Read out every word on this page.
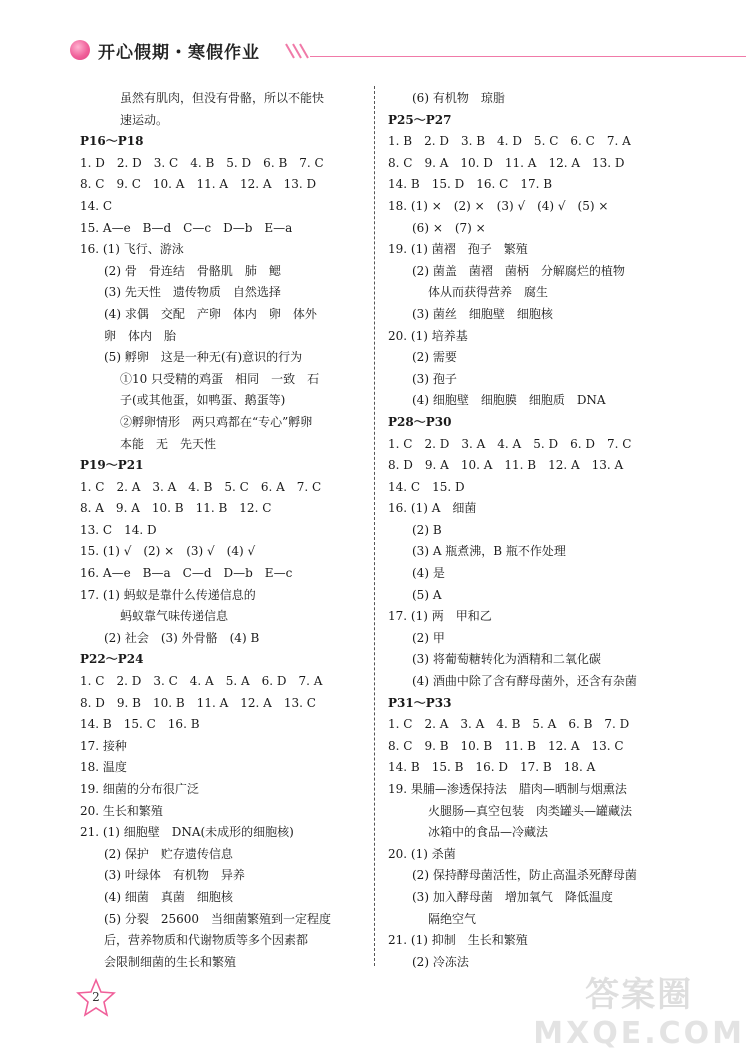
开心假期・寒假作业
虽然有肌肉，但没有骨骼，所以不能快
速运动。
P16～P18
1. D　2. D　3. C　4. B　5. D　6. B　7. C
8. C　9. C　10. A　11. A　12. A　13. D
14. C
15. A—e　B—d　C—c　D—b　E—a
16. (1) 飞行、游泳
(2) 骨　骨连结　骨骼肌　肺　鳃
(3) 先天性　遗传物质　自然选择
(4) 求偶　交配　产卵　体内　卵　体外
卵　体内　胎
(5) 孵卵　这是一种无(有)意识的行为
①10 只受精的鸡蛋　相同　一致　石
子(或其他蛋，如鸭蛋、鹅蛋等)
②孵卵情形　两只鸡都在“专心”孵卵
本能　无　先天性
P19～P21
1. C　2. A　3. A　4. B　5. C　6. A　7. C
8. A　9. A　10. B　11. B　12. C
13. C　14. D
15. (1) √　(2) ×　(3) √　(4) √
16. A—e　B—a　C—d　D—b　E—c
17. (1) 蚂蚁是靠什么传递信息的
蚂蚁靠气味传递信息
(2) 社会　(3) 外骨骼　(4) B
P22～P24
1. C　2. D　3. C　4. A　5. A　6. D　7. A
8. D　9. B　10. B　11. A　12. A　13. C
14. B　15. C　16. B
17. 接种
18. 温度
19. 细菌的分布很广泛
20. 生长和繁殖
21. (1) 细胞壁　DNA(未成形的细胞核)
(2) 保护　贮存遗传信息
(3) 叶绿体　有机物　异养
(4) 细菌　真菌　细胞核
(5) 分裂　25600　当细菌繁殖到一定程度
后，营养物质和代谢物质等多个因素都
会限制细菌的生长和繁殖
(6) 有机物　琼脂
P25～P27
1. B　2. D　3. B　4. D　5. C　6. C　7. A
8. C　9. A　10. D　11. A　12. A　13. D
14. B　15. D　16. C　17. B
18. (1) ×　(2) ×　(3) √　(4) √　(5) ×
(6) ×　(7) ×
19. (1) 菌褶　孢子　繁殖
(2) 菌盖　菌褶　菌柄　分解腐烂的植物
体从而获得营养　腐生
(3) 菌丝　细胞壁　细胞核
20. (1) 培养基
(2) 需要
(3) 孢子
(4) 细胞壁　细胞膜　细胞质　DNA
P28～P30
1. C　2. D　3. A　4. A　5. D　6. D　7. C
8. D　9. A　10. A　11. B　12. A　13. A
14. C　15. D
16. (1) A　细菌
(2) B
(3) A 瓶煮沸，B 瓶不作处理
(4) 是
(5) A
17. (1) 两　甲和乙
(2) 甲
(3) 将葡萄糖转化为酒精和二氧化碳
(4) 酒曲中除了含有酵母菌外，还含有杂菌
P31～P33
1. C　2. A　3. A　4. B　5. A　6. B　7. D
8. C　9. B　10. B　11. B　12. A　13. C
14. B　15. B　16. D　17. B　18. A
19. 果脯—渗透保持法　腊肉—晒制与烟熏法
火腿肠—真空包装　肉类罐头—罐藏法
冰箱中的食品—冷藏法
20. (1) 杀菌
(2) 保持酵母菌活性，防止高温杀死酵母菌
(3) 加入酵母菌　增加氧气　降低温度
隔绝空气
21. (1) 抑制　生长和繁殖
(2) 冷冻法
2	答案圈
MXQE.COM
